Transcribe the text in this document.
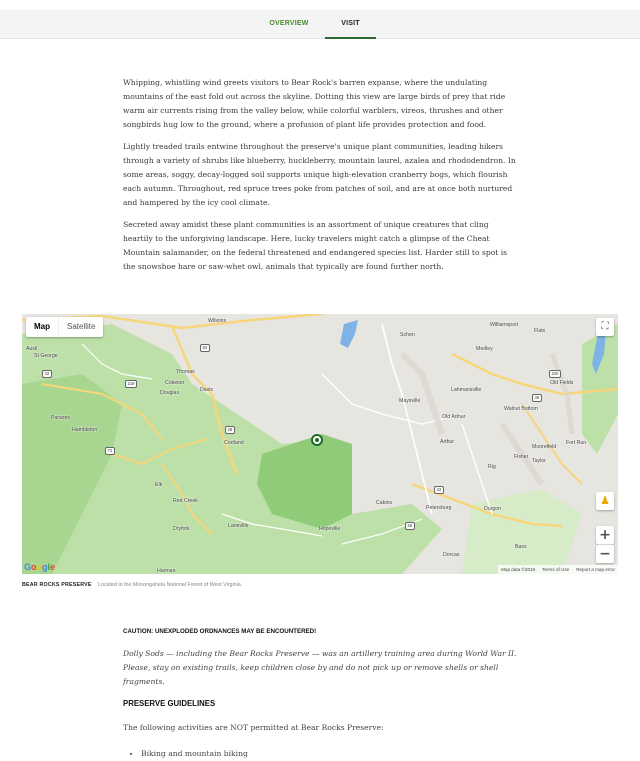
OVERVIEW	VISIT

Whipping, whistling wind greets visitors to Bear Rock's barren expanse, where the undulating mountains of the east fold out across the skyline. Dotting this view are large birds of prey that ride warm air currents rising from the valley below, while colorful warblers, vireos, thrushes and other songbirds hug low to the ground, where a profusion of plant life provides protection and food.

Lightly treaded trails entwine throughout the preserve's unique plant communities, leading hikers through a variety of shrubs like blueberry, huckleberry, mountain laurel, azalea and rhododendron. In some areas, soggy, decay-logged soil supports unique high-elevation cranberry bogs, which flourish each autumn. Throughout, red spruce trees poke from patches of soil, and are at once both nurtured and hampered by the icy cool climate.

Secreted away amidst these plant communities is an assortment of unique creatures that cling heartily to the unforgiving landscape. Here, lucky travelers might catch a glimpse of the Cheat Mountain salamander, on the federal threatened and endangered species list. Harder still to spot is the snowshoe hare or saw-whet owl, animals that typically are found further north.

Wilsons
Schen
Williamsport
Flatx
Medley
Ausil
St George
Thomas
Coketon
Douglas	Davis
Maysville
Lahmansville
Old Fields
Walnut Bottom
Old Arthur
Arthur
Moorefield
Fort Run
Fisher
Taylor
Rig
Parsons
Hambleton
Cortland
Elk
Red Creek
Dryfork	Laneville	Hopeville
Cabins
Petersburg	Durgon
Dorcas
Bass
Harman
93
42
48
220
219
32
72
55
28
Map	Satellite	⛶
♟
+
−
Google	Map data ©2019 Terms of Use Report a map error
BEAR ROCKS PRESERVE Located in the Monongahela National Forest of West Virginia.

CAUTION: UNEXPLODED ORDNANCES MAY BE ENCOUNTERED!

Dolly Sods — including the Bear Rocks Preserve — was an artillery training area during World War II. Please, stay on existing trails, keep children close by and do not pick up or remove shells or shell fragments.

PRESERVE GUIDELINES

The following activities are NOT permitted at Bear Rocks Preserve:

• Biking and mountain biking
